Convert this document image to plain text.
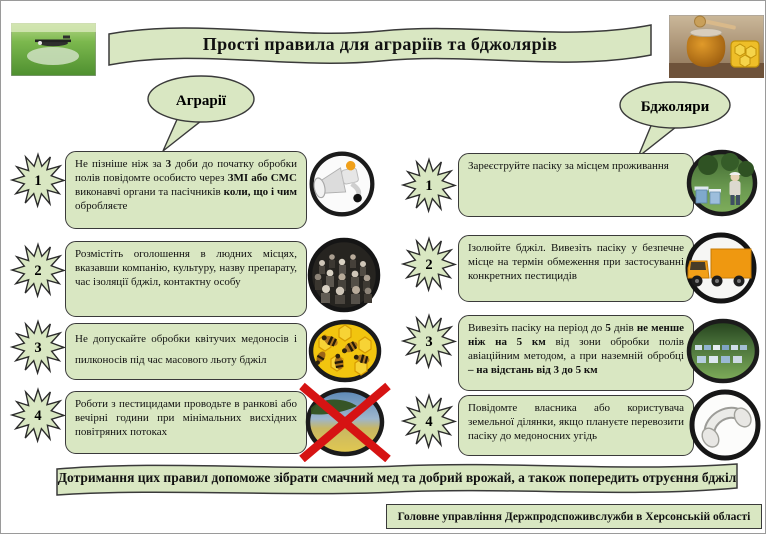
Прості правила для аграріїв та бджолярів
Аграрії	Бджоляри
1
Не пізніше ніж за 3 доби до початку обробки полів повідомте особисто через ЗМІ або СМС виконавчі органи та пасічників коли, що і чим обробляєте
2
Розмістіть оголошення в людних місцях, вказавши компанію, культуру, назву препарату, час ізоляції бджіл, контактну особу
3
Не допускайте обробки квітучих медоносів і пилконосів під час масового льоту бджіл
4
Роботи з пестицидами проводьте в ранкові або вечірні години при мінімальних висхідних повітряних потоках
1
Зареєструйте пасіку за місцем проживання
2
Ізолюйте бджіл. Вивезіть пасіку у безпечне місце на термін обмеження при застосуванні конкретних пестицидів
3
Вивезіть пасіку на період до 5 днів не менше ніж на 5 км від зони обробки полів авіаційним методом, а при наземній обробці – на відстань від 3 до 5 км
4
Повідомте власника або користувача земельної ділянки, якщо плануєте перевозити пасіку до медоносних угідь
Дотримання цих правил допоможе зібрати смачний мед та добрий врожай, а також попередить отруєння бджіл
Головне управління Держпродспоживслужби в Херсонській області
